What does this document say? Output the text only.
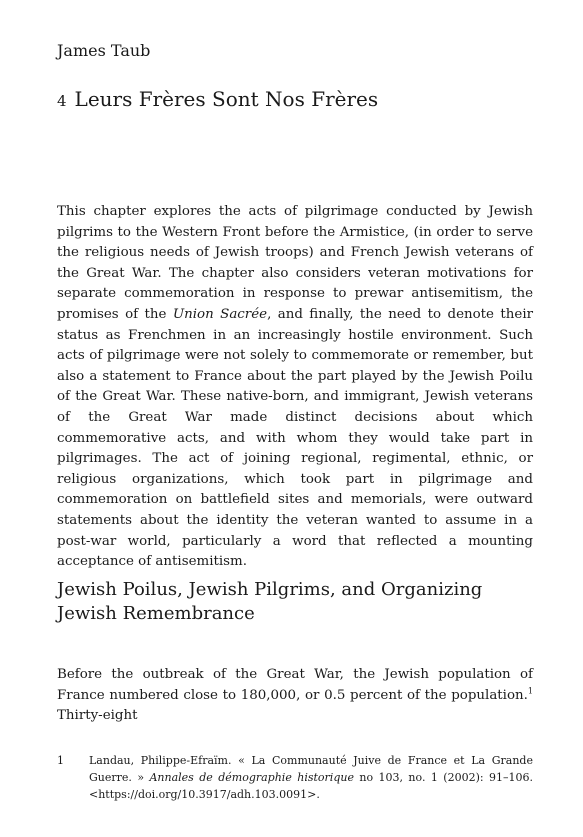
James Taub
4 Leurs Frères Sont Nos Frères

This chapter explores the acts of pilgrimage conducted by Jewish pilgrims to the Western Front before the Armistice, (in order to serve the religious needs of Jewish troops) and French Jewish veterans of the Great War. The chapter also considers veteran motivations for separate commemoration in response to prewar antisemitism, the promises of the Union Sacrée, and finally, the need to denote their status as Frenchmen in an increasingly hostile environment. Such acts of pilgrimage were not solely to commemorate or remember, but also a statement to France about the part played by the Jewish Poilu of the Great War. These native-born, and immigrant, Jewish veterans of the Great War made distinct decisions about which commemorative acts, and with whom they would take part in pilgrimages. The act of joining regional, regimental, ethnic, or religious organizations, which took part in pilgrimage and commemoration on battlefield sites and memorials, were outward statements about the identity the veteran wanted to assume in a post-war world, particularly a word that reflected a mounting acceptance of antisemitism.

Jewish Poilus, Jewish Pilgrims, and Organizing Jewish Remembrance

Before the outbreak of the Great War, the Jewish population of France numbered close to 180,000, or 0.5 percent of the population.$^1$ Thirty-eight

1 Landau, Philippe-Efraïm. « La Communauté Juive de France et La Grande Guerre. » Annales de démographie historique no 103, no. 1 (2002): 91–106. <https://doi.org/10.3917/adh.103.0091>.
